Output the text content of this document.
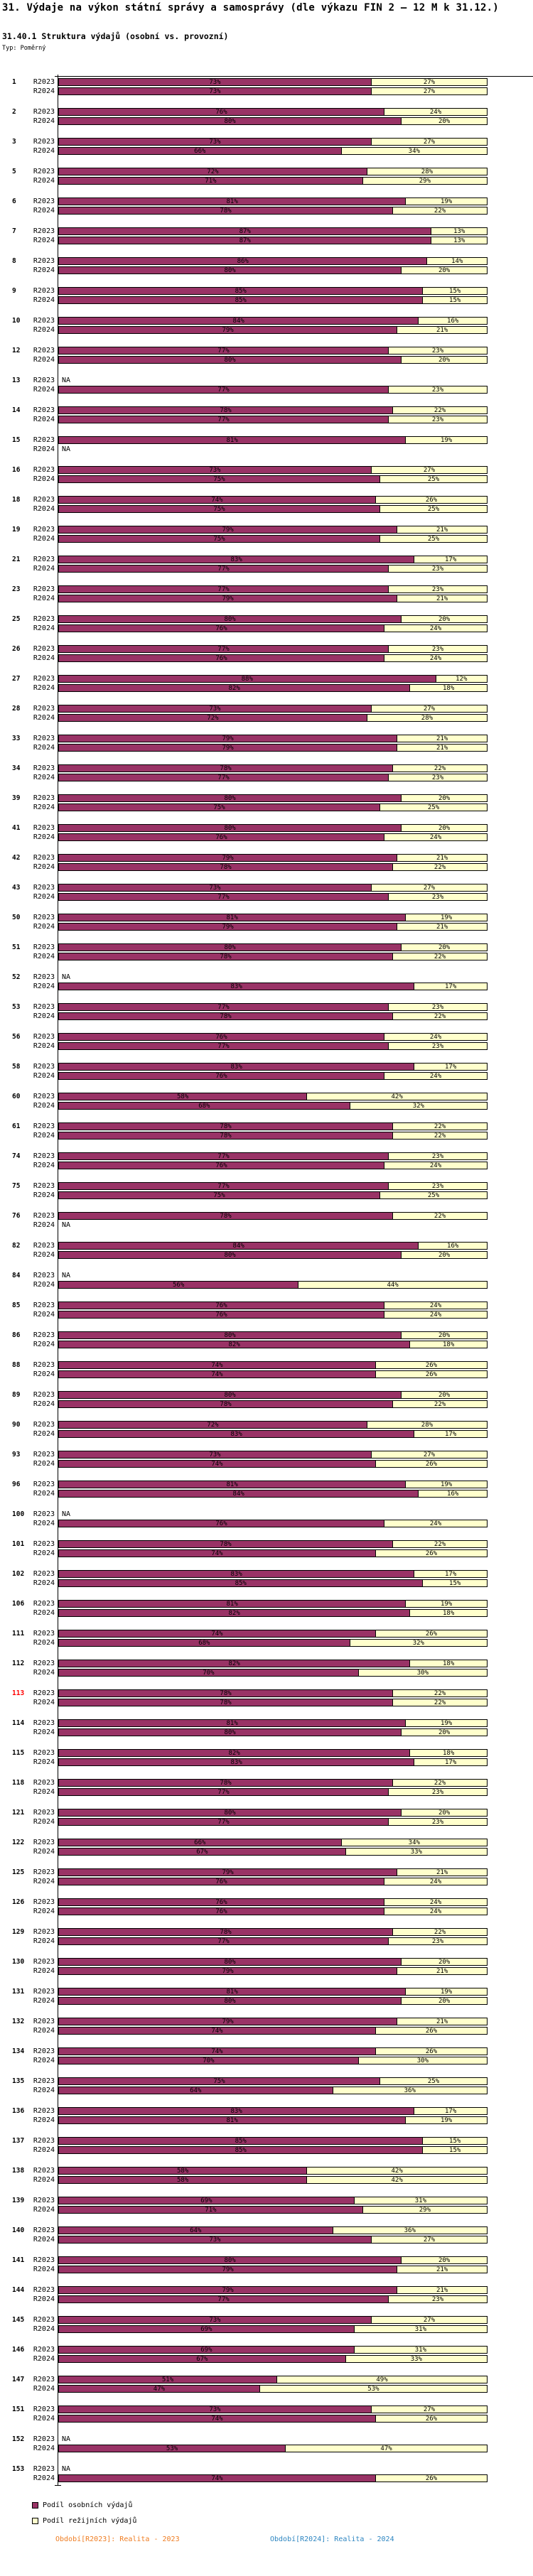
31. Výdaje na výkon státní správy a samosprávy (dle výkazu FIN 2 – 12 M k 31.12.)
31.40.1 Struktura výdajů (osobní vs. provozní)
Typ: Poměrný
1	R2023	73%	27%
R2024	73%	27%
2	R2023	76%	24%
R2024	80%	20%
3	R2023	73%	27%
R2024	66%	34%
5	R2023	72%	28%
R2024	71%	29%
6	R2023	81%	19%
R2024	78%	22%
7	R2023	87%	13%
R2024	87%	13%
8	R2023	86%	14%
R2024	80%	20%
9	R2023	85%	15%
R2024	85%	15%
10	R2023	84%	16%
R2024	79%	21%
12	R2023	77%	23%
R2024	80%	20%
13	R2023	NA
R2024	77%	23%
14	R2023	78%	22%
R2024	77%	23%
15	R2023	81%	19%
R2024	NA
16	R2023	73%	27%
R2024	75%	25%
18	R2023	74%	26%
R2024	75%	25%
19	R2023	79%	21%
R2024	75%	25%
21	R2023	83%	17%
R2024	77%	23%
23	R2023	77%	23%
R2024	79%	21%
25	R2023	80%	20%
R2024	76%	24%
26	R2023	77%	23%
R2024	76%	24%
27	R2023	88%	12%
R2024	82%	18%
28	R2023	73%	27%
R2024	72%	28%
33	R2023	79%	21%
R2024	79%	21%
34	R2023	78%	22%
R2024	77%	23%
39	R2023	80%	20%
R2024	75%	25%
41	R2023	80%	20%
R2024	76%	24%
42	R2023	79%	21%
R2024	78%	22%
43	R2023	73%	27%
R2024	77%	23%
50	R2023	81%	19%
R2024	79%	21%
51	R2023	80%	20%
R2024	78%	22%
52	R2023	NA
R2024	83%	17%
53	R2023	77%	23%
R2024	78%	22%
56	R2023	76%	24%
R2024	77%	23%
58	R2023	83%	17%
R2024	76%	24%
60	R2023	58%	42%
R2024	68%	32%
61	R2023	78%	22%
R2024	78%	22%
74	R2023	77%	23%
R2024	76%	24%
75	R2023	77%	23%
R2024	75%	25%
76	R2023	78%	22%
R2024	NA
82	R2023	84%	16%
R2024	80%	20%
84	R2023	NA
R2024	56%	44%
85	R2023	76%	24%
R2024	76%	24%
86	R2023	80%	20%
R2024	82%	18%
88	R2023	74%	26%
R2024	74%	26%
89	R2023	80%	20%
R2024	78%	22%
90	R2023	72%	28%
R2024	83%	17%
93	R2023	73%	27%
R2024	74%	26%
96	R2023	81%	19%
R2024	84%	16%
100	R2023	NA
R2024	76%	24%
101	R2023	78%	22%
R2024	74%	26%
102	R2023	83%	17%
R2024	85%	15%
106	R2023	81%	19%
R2024	82%	18%
111	R2023	74%	26%
R2024	68%	32%
112	R2023	82%	18%
R2024	70%	30%
113	R2023	78%	22%
R2024	78%	22%
114	R2023	81%	19%
R2024	80%	20%
115	R2023	82%	18%
R2024	83%	17%
118	R2023	78%	22%
R2024	77%	23%
121	R2023	80%	20%
R2024	77%	23%
122	R2023	66%	34%
R2024	67%	33%
125	R2023	79%	21%
R2024	76%	24%
126	R2023	76%	24%
R2024	76%	24%
129	R2023	78%	22%
R2024	77%	23%
130	R2023	80%	20%
R2024	79%	21%
131	R2023	81%	19%
R2024	80%	20%
132	R2023	79%	21%
R2024	74%	26%
134	R2023	74%	26%
R2024	70%	30%
135	R2023	75%	25%
R2024	64%	36%
136	R2023	83%	17%
R2024	81%	19%
137	R2023	85%	15%
R2024	85%	15%
138	R2023	58%	42%
R2024	58%	42%
139	R2023	69%	31%
R2024	71%	29%
140	R2023	64%	36%
R2024	73%	27%
141	R2023	80%	20%
R2024	79%	21%
144	R2023	79%	21%
R2024	77%	23%
145	R2023	73%	27%
R2024	69%	31%
146	R2023	69%	31%
R2024	67%	33%
147	R2023	51%	49%
R2024	47%	53%
151	R2023	73%	27%
R2024	74%	26%
152	R2023	NA
R2024	53%	47%
153	R2023	NA
R2024	74%	26%
Podíl osobních výdajů
Podíl režijních výdajů
Období[R2023]: Realita - 2023	Období[R2024]: Realita - 2024
